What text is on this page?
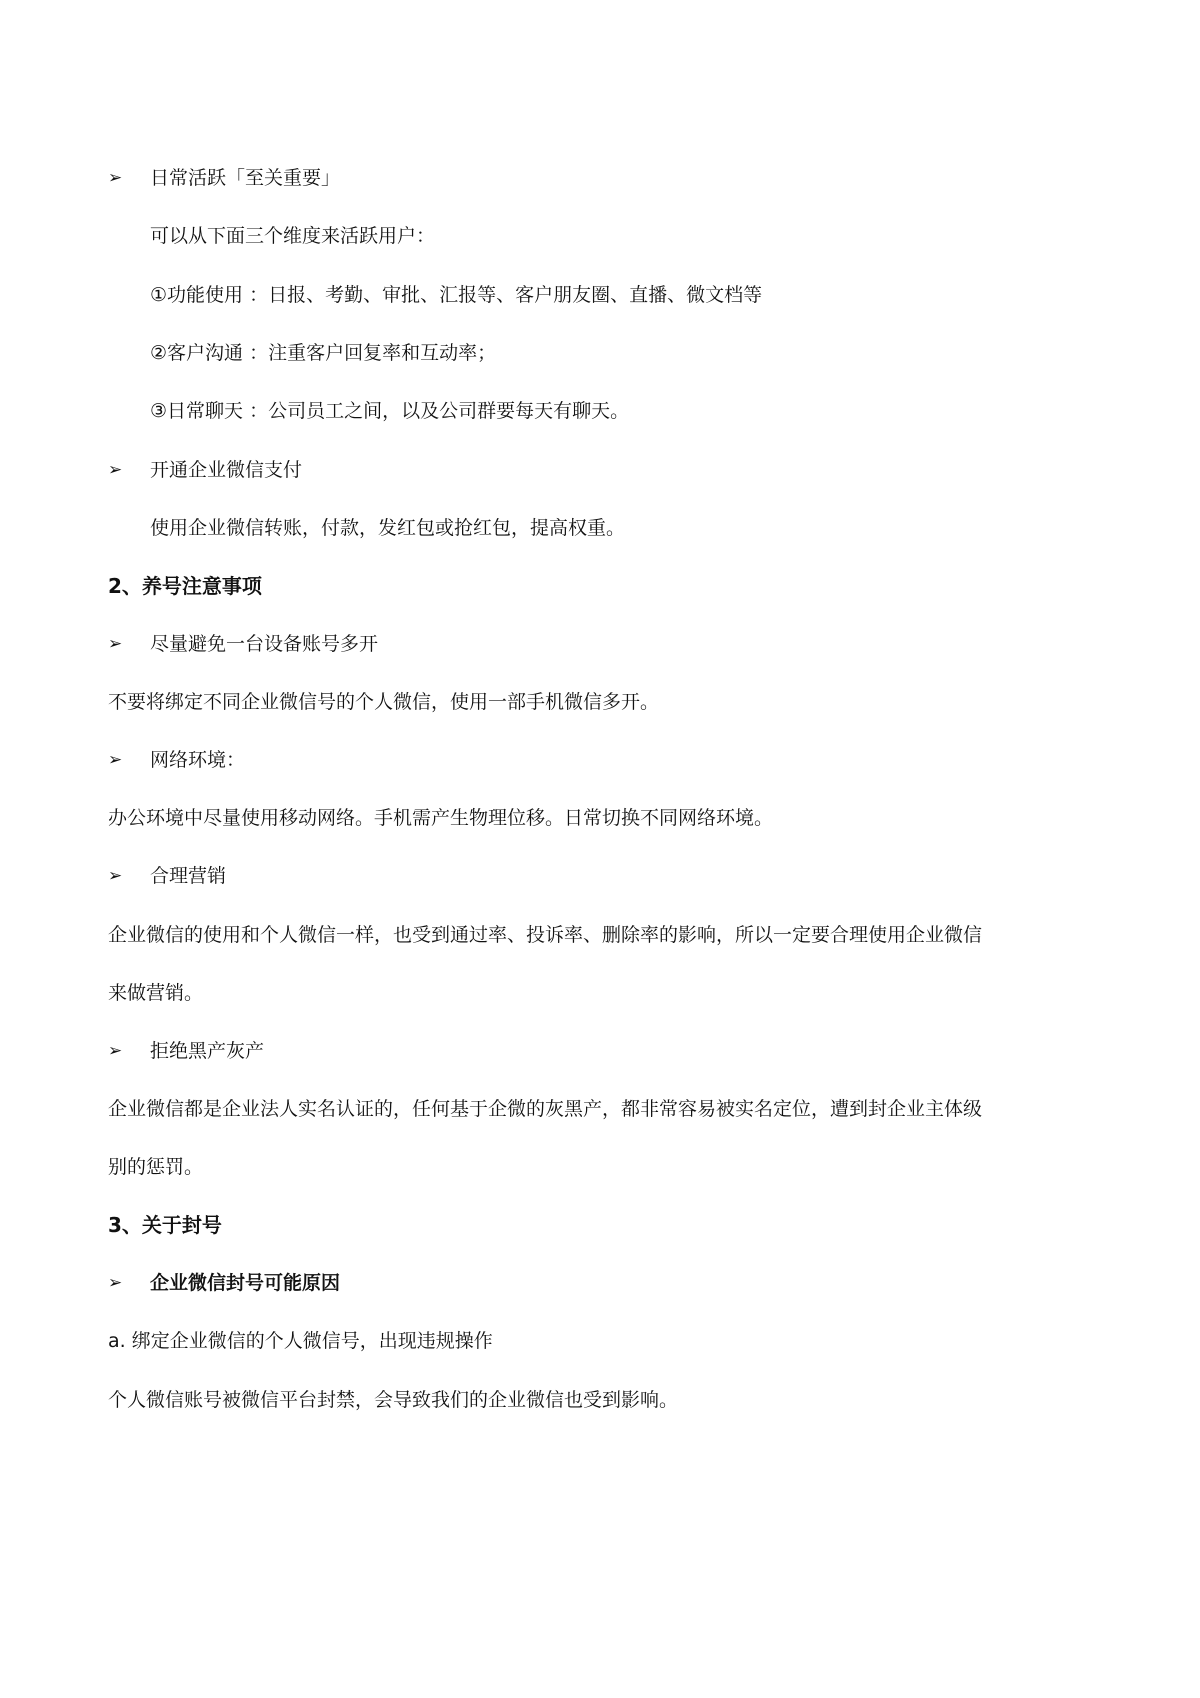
➢ 日常活跃「至关重要」
可以从下面三个维度来活跃用户：
①功能使用 ：日报、考勤、审批、汇报等、客户朋友圈、直播、微文档等
②客户沟通 ：注重客户回复率和互动率；
③日常聊天 ：公司员工之间，以及公司群要每天有聊天。
➢ 开通企业微信支付
使用企业微信转账，付款，发红包或抢红包，提高权重。
2、养号注意事项
➢ 尽量避免一台设备账号多开
不要将绑定不同企业微信号的个人微信，使用一部手机微信多开。
➢ 网络环境：
办公环境中尽量使用移动网络。手机需产生物理位移。日常切换不同网络环境。
➢ 合理营销
企业微信的使用和个人微信一样，也受到通过率、投诉率、删除率的影响，所以一定要合理使用企业微信
来做营销。
➢ 拒绝黑产灰产
企业微信都是企业法人实名认证的，任何基于企微的灰黑产，都非常容易被实名定位，遭到封企业主体级
别的惩罚。
3、关于封号
➢ 企业微信封号可能原因
a. 绑定企业微信的个人微信号，出现违规操作
个人微信账号被微信平台封禁，会导致我们的企业微信也受到影响。
